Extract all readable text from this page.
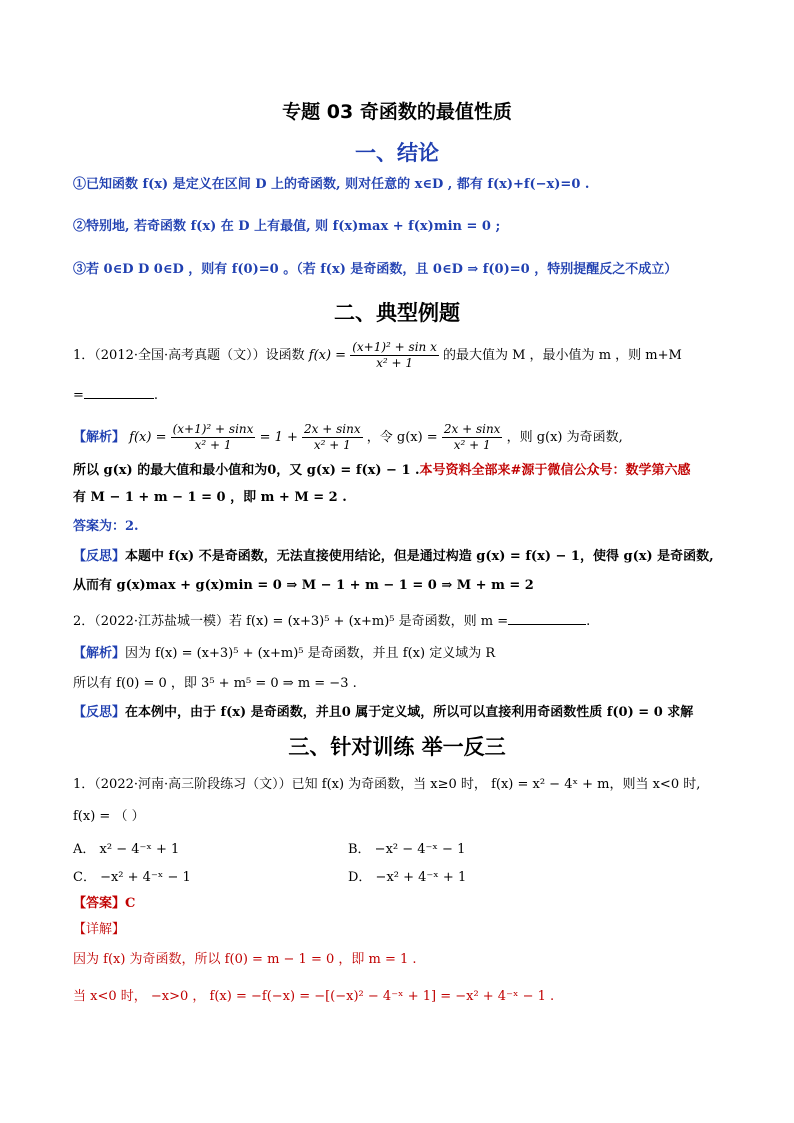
专题 03 奇函数的最值性质
一、结论
①已知函数 f(x) 是定义在区间 D 上的奇函数, 则对任意的 x∈D , 都有 f(x)+f(−x)=0 .
②特别地, 若奇函数 f(x) 在 D 上有最值, 则 f(x)max + f(x)min = 0 ;
③若 0∈D D 0∈D ，则有 f(0)=0 。（若 f(x) 是奇函数，且 0∈D ⇒ f(0)=0 ，特别提醒反之不成立）
二、典型例题
1．（2012·全国·高考真题（文））设函数 $f(x) = \frac{\text{(x+1)² + sin x}}{\text{x² + 1}}$ 的最大值为 M ，最小值为 m ，则 m+M
=	.
【解析】 $f(x) = \frac{\text{(x+1)² + sinx}}{\text{x² + 1}} = 1 + \frac{2x + \sin x}{\text{x² + 1}}$ ，令 $g(x) = \frac{2x + \sin x}{\text{x² + 1}}$ ，则 g(x) 为奇函数,
所以 g(x) 的最大值和最小值和为0，又 g(x) = f(x) − 1 .本号资料全部来#源于微信公众号：数学第六感
有 M − 1 + m − 1 = 0 ，即 m + M = 2 .
答案为：2.
【反思】本题中 f(x) 不是奇函数，无法直接使用结论，但是通过构造 g(x) = f(x) − 1，使得 g(x) 是奇函数,
从而有 g(x)max + g(x)min = 0 ⇒ M − 1 + m − 1 = 0 ⇒ M + m = 2
2．（2022·江苏盐城一模）若 f(x) = (x+3)⁵ + (x+m)⁵ 是奇函数，则 m =	.
【解析】因为 f(x) = (x+3)⁵ + (x+m)⁵ 是奇函数，并且 f(x) 定义域为 R
所以有 f(0) = 0 ，即 3⁵ + m⁵ = 0 ⇒ m = −3 .
【反思】在本例中，由于 f(x) 是奇函数，并且0 属于定义域，所以可以直接利用奇函数性质 f(0) = 0 求解
三、针对训练 举一反三
1．（2022·河南·高三阶段练习（文））已知 f(x) 为奇函数，当 x≥0 时， f(x) = x² − 4ˣ + m，则当 x<0 时,
f(x) = （ ）
A． x² − 4⁻ˣ + 1	B． −x² − 4⁻ˣ − 1
C． −x² + 4⁻ˣ − 1	D． −x² + 4⁻ˣ + 1
【答案】C
【详解】
因为 f(x) 为奇函数，所以 f(0) = m − 1 = 0 ，即 m = 1 .
当 x<0 时， −x>0 ， f(x) = −f(−x) = −[(−x)² − 4⁻ˣ + 1] = −x² + 4⁻ˣ − 1 .
